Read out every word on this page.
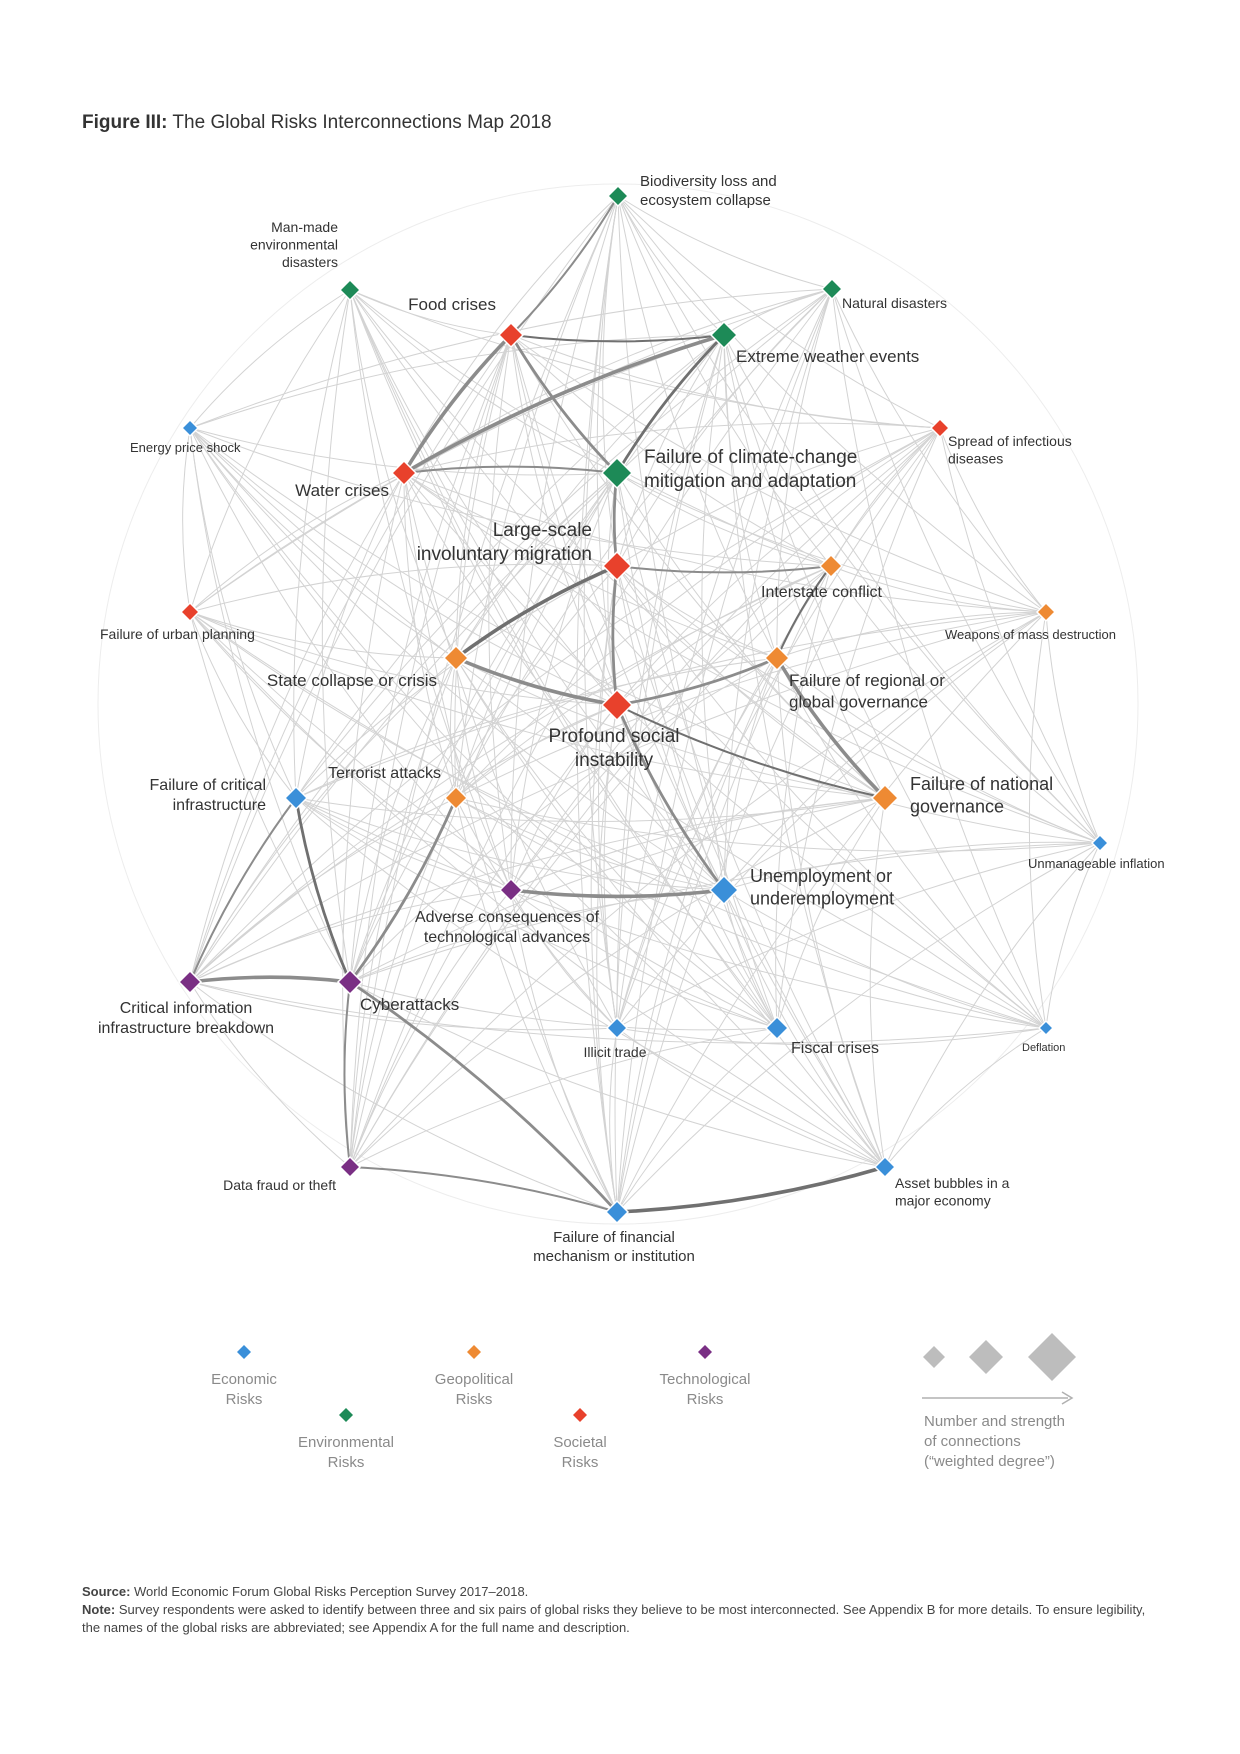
Figure III: The Global Risks Interconnections Map 2018
Biodiversity loss and ecosystem collapse
Man-made environmental disasters
Natural disasters
Food crises
Extreme weather events
Spread of infectious diseases
Energy price shock
Water crises
Failure of climate-change mitigation and adaptation
Large-scale involuntary migration
Interstate conflict
Failure of urban planning	Weapons of mass destruction
State collapse or crisis	Failure of regional or global governance
Profound social instability
Failure of critical infrastructure
Terrorist attacks
Failure of national governance
Unmanageable inflation
Adverse consequences of technological advances
Unemployment or underemployment
Critical information infrastructure breakdown
Cyberattacks
Illicit trade	Fiscal crises	Deflation
Data fraud or theft	Asset bubbles in a major economy
Failure of financial mechanism or institution
Economic Risks
Geopolitical Risks
Technological Risks
Environmental Risks
Societal Risks
Number and strength of connections (“weighted degree”)
Source: World Economic Forum Global Risks Perception Survey 2017–2018.
Note: Survey respondents were asked to identify between three and six pairs of global risks they believe to be most interconnected. See Appendix B for more details. To ensure legibility, the names of the global risks are abbreviated; see Appendix A for the full name and description.
